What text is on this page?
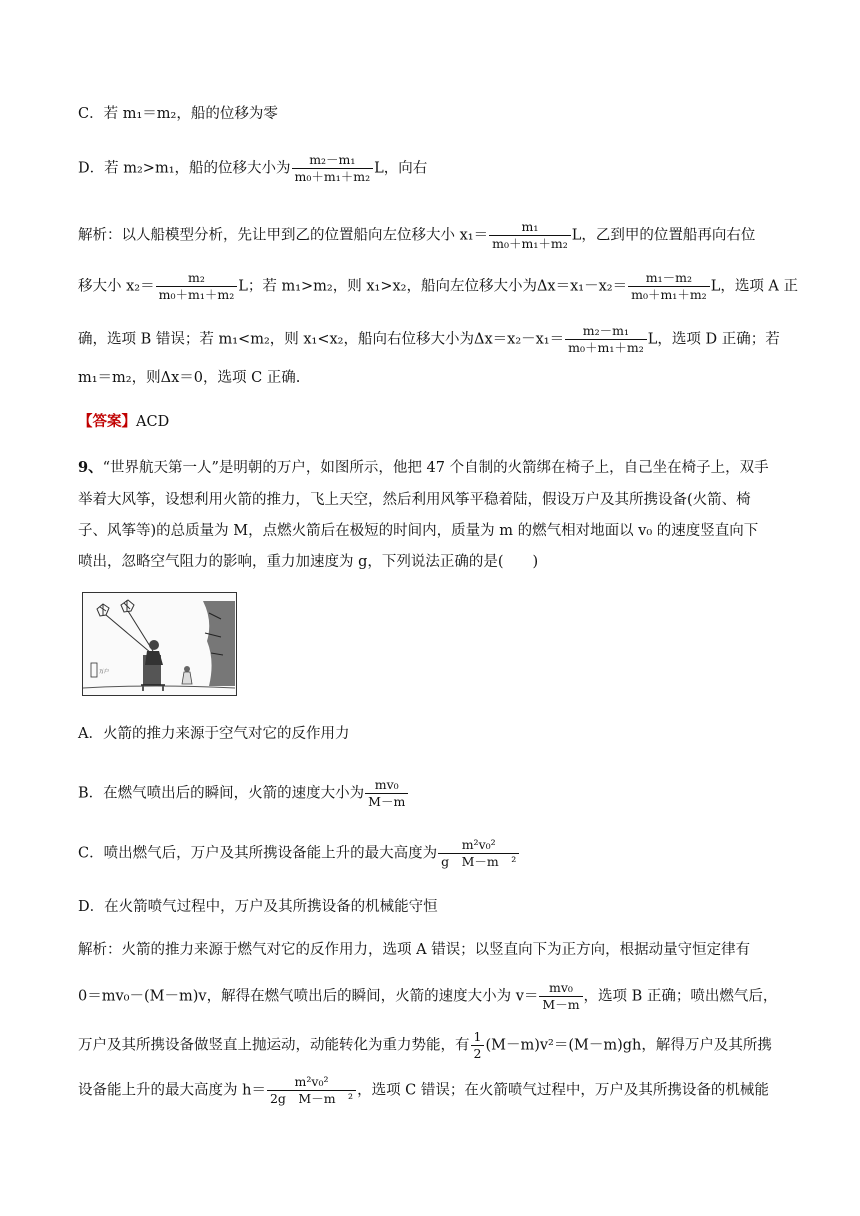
C．若 m₁＝m₂，船的位移为零
D．若 m₂>m₁，船的位移大小为 $\frac{\text{m₂－m₁}}{\text{m₀＋m₁＋m₂}}$ L，向右
解析：以人船模型分析，先让甲到乙的位置船向左位移大小 $x_1= \frac{\text{m₁}}{\text{m₀＋m₁＋m₂}}$ L，乙到甲的位置船再向右位
移大小 $x_2= \frac{\text{m₂}}{\text{m₀＋m₁＋m₂}}$ L；若 m₁>m₂，则 x₁>x₂，船向左位移大小为$\Delta x=x_1-x_2= \frac{\text{m₁－m₂}}{\text{m₀＋m₁＋m₂}}$ L，选项 A 正
确，选项 B 错误；若 m₁<m₂，则 x₁<x₂，船向右位移大小为$\Delta x=x_2-x_1= \frac{\text{m₂－m₁}}{\text{m₀＋m₁＋m₂}}$ L，选项 D 正确；若
m₁＝m₂，则Δx＝0，选项 C 正确.
【答案】ACD
9、“世界航天第一人”是明朝的万户，如图所示，他把 47 个自制的火箭绑在椅子上，自己坐在椅子上，双手
举着大风筝，设想利用火箭的推力，飞上天空，然后利用风筝平稳着陆，假设万户及其所携设备(火箭、椅
子、风筝等)的总质量为 M，点燃火箭后在极短的时间内，质量为 m 的燃气相对地面以 v₀ 的速度竖直向下
喷出，忽略空气阻力的影响，重力加速度为 g，下列说法正确的是(　　)
万户
A．火箭的推力来源于空气对它的反作用力
B．在燃气喷出后的瞬间，火箭的速度大小为 $\frac{\text{mv₀}}{M-m}$
C．喷出燃气后，万户及其所携设备能上升的最大高度为 $\frac{\text{m²v₀²}}{\text{g　M－m　²}}$
D．在火箭喷气过程中，万户及其所携设备的机械能守恒
解析：火箭的推力来源于燃气对它的反作用力，选项 A 错误；以竖直向下为正方向，根据动量守恒定律有
0＝mv₀－(M－m)v，解得在燃气喷出后的瞬间，火箭的速度大小为 $v= \frac{\text{mv₀}}{M-m}$ ，选项 B 正确；喷出燃气后，
万户及其所携设备做竖直上抛运动，动能转化为重力势能，有 $\frac{1}{2} (M-m)v^2=(M-m)gh$，解得万户及其所携
设备能上升的最大高度为 $h= \frac{\text{m²v₀²}}{\text{2g　M－m　²}}$ ，选项 C 错误；在火箭喷气过程中，万户及其所携设备的机械能
